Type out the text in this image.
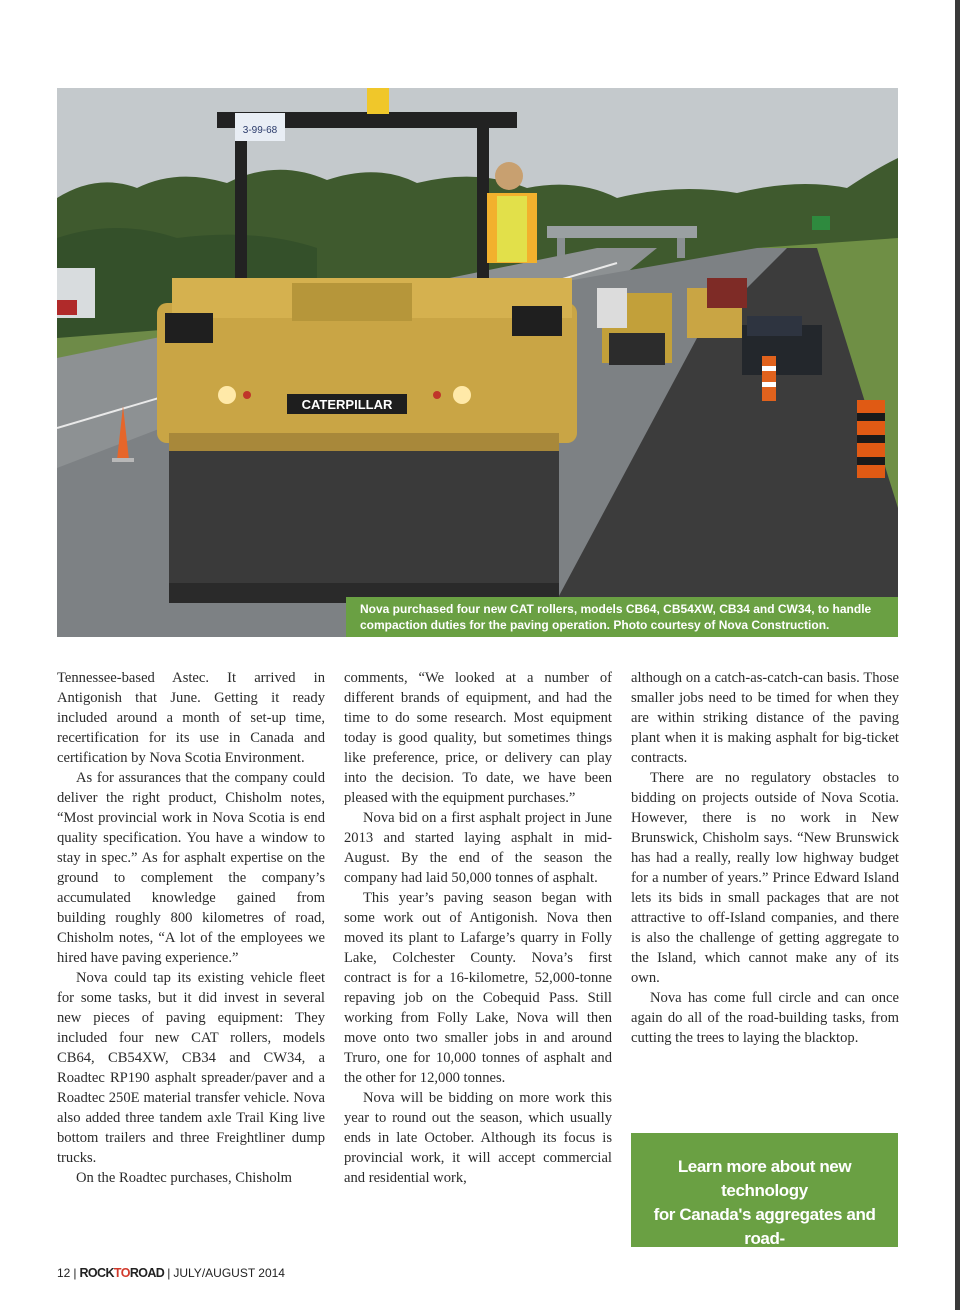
CATERPILLAR
3-99-68
Nova purchased four new CAT rollers, models CB64, CB54XW, CB34 and CW34, to handle compaction duties for the paving operation. Photo courtesy of Nova Construction.

Tennessee-based Astec. It arrived in Antigonish that June. Getting it ready included around a month of set-up time, recertification for its use in Canada and certification by Nova Scotia Environment.

As for assurances that the company could deliver the right product, Chisholm notes, “Most provincial work in Nova Scotia is end quality specification. You have a window to stay in spec.” As for asphalt expertise on the ground to complement the company’s accumulated knowledge gained from building roughly 800 kilometres of road, Chisholm notes, “A lot of the employees we hired have paving experience.”

Nova could tap its existing vehicle fleet for some tasks, but it did invest in several new pieces of paving equipment: They included four new CAT rollers, models CB64, CB54XW, CB34 and CW34, a Roadtec RP190 asphalt spreader/paver and a Roadtec 250E material transfer vehicle. Nova also added three tandem axle Trail King live bottom trailers and three Freightliner dump trucks.

On the Roadtec purchases, Chisholm

comments, “We looked at a number of different brands of equipment, and had the time to do some research. Most equipment today is good quality, but sometimes things like preference, price, or delivery can play into the decision. To date, we have been pleased with the equipment purchases.”

Nova bid on a first asphalt project in June 2013 and started laying asphalt in mid-August. By the end of the season the company had laid 50,000 tonnes of asphalt.

This year’s paving season began with some work out of Antigonish. Nova then moved its plant to Lafarge’s quarry in Folly Lake, Colchester County. Nova’s first contract is for a 16-kilometre, 52,000-tonne repaving job on the Cobequid Pass. Still working from Folly Lake, Nova will then move onto two smaller jobs in and around Truro, one for 10,000 tonnes of asphalt and the other for 12,000 tonnes.

Nova will be bidding on more work this year to round out the season, which usually ends in late October. Although its focus is provincial work, it will accept commercial and residential work,

although on a catch-as-catch-can basis. Those smaller jobs need to be timed for when they are within striking distance of the paving plant when it is making asphalt for big-ticket contracts.

There are no regulatory obstacles to bidding on projects outside of Nova Scotia. However, there is no work in New Brunswick, Chisholm says. “New Brunswick has had a really, really low highway budget for a number of years.” Prince Edward Island lets its bids in small packages that are not attractive to off-Island companies, and there is also the challenge of getting aggregate to the Island, which cannot make any of its own.

Nova has come full circle and can once again do all of the road-building tasks, from cutting the trees to laying the blacktop.

Learn more about new technology
for Canada's aggregates and road-
building industry at rocktoroad.com.
12 | ROCKTOROAD | JULY/AUGUST 2014
